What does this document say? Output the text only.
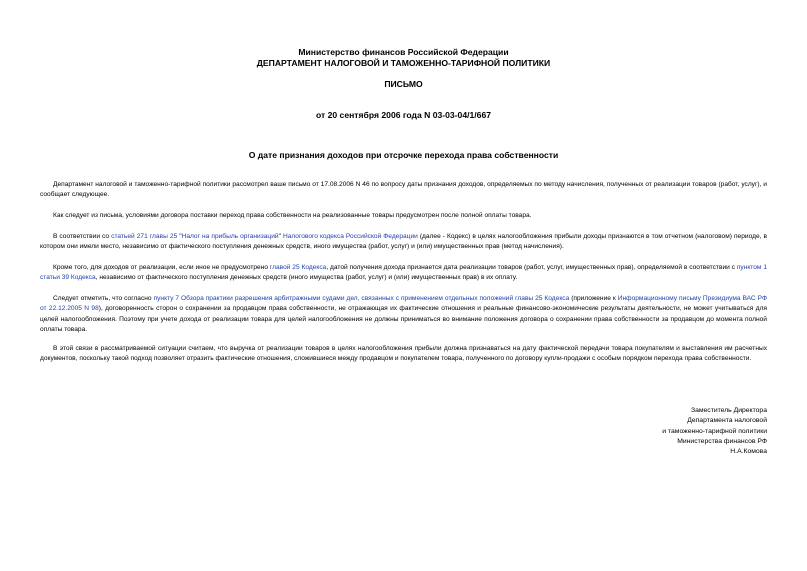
Министерство финансов Российской Федерации
ДЕПАРТАМЕНТ НАЛОГОВОЙ И ТАМОЖЕННО-ТАРИФНОЙ ПОЛИТИКИ
ПИСЬМО
от 20 сентября 2006 года N 03-03-04/1/667
О дате признания доходов при отсрочке перехода права собственности

Департамент налоговой и таможенно-тарифной политики рассмотрел ваше письмо от 17.08.2006 N 46 по вопросу даты признания доходов, определяемых по методу начисления, полученных от реализации товаров (работ, услуг), и сообщает следующее.

Как следует из письма, условиями договора поставки переход права собственности на реализованные товары предусмотрен после полной оплаты товара.

В соответствии со статьей 271 главы 25 "Налог на прибыль организаций" Налогового кодекса Российской Федерации (далее - Кодекс) в целях налогообложения прибыли доходы признаются в том отчетном (налоговом) периоде, в котором они имели место, независимо от фактического поступления денежных средств, иного имущества (работ, услуг) и (или) имущественных прав (метод начисления).

Кроме того, для доходов от реализации, если иное не предусмотрено главой 25 Кодекса, датой получения дохода признается дата реализации товаров (работ, услуг, имущественных прав), определяемой в соответствии с пунктом 1 статьи 39 Кодекса, независимо от фактического поступления денежных средств (иного имущества (работ, услуг) и (или) имущественных прав) в их оплату.

Следует отметить, что согласно пункту 7 Обзора практики разрешения арбитражными судами дел, связанных с применением отдельных положений главы 25 Кодекса (приложение к Информационному письму Президиума ВАС РФ от 22.12.2005 N 98), договоренность сторон о сохранении за продавцом права собственности, не отражающая их фактические отношения и реальные финансово-экономические результаты деятельности, не может учитываться для целей налогообложения. Поэтому при учете дохода от реализации товара для целей налогообложения не должны приниматься во внимание положения договора о сохранении права собственности за продавцом до момента полной оплаты товара.

В этой связи в рассматриваемой ситуации считаем, что выручка от реализации товаров в целях налогообложения прибыли должна признаваться на дату фактической передачи товара покупателям и выставления им расчетных документов, поскольку такой подход позволяет отразить фактические отношения, сложившиеся между продавцом и покупателем товара, полученного по договору купли-продажи с особым порядком перехода права собственности.

Заместитель Директора
Департамента налоговой
и таможенно-тарифной политики
Министерства финансов РФ
Н.А.Комова
